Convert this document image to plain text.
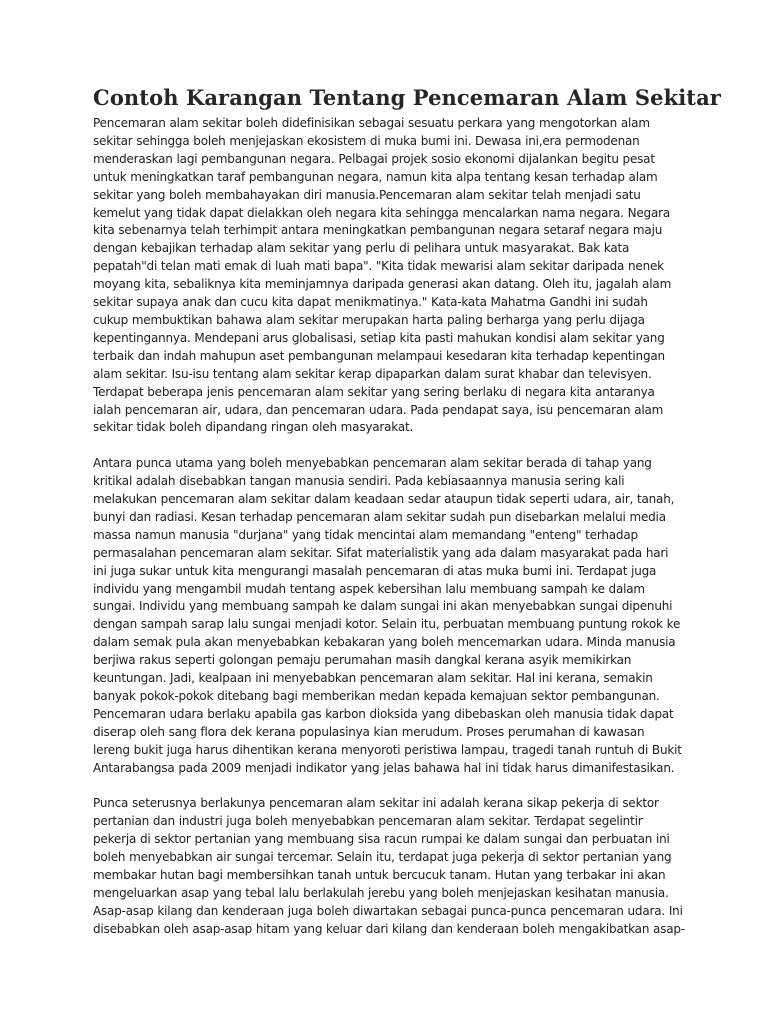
Contoh Karangan Tentang Pencemaran Alam Sekitar

Pencemaran alam sekitar boleh didefinisikan sebagai sesuatu perkara yang mengotorkan alam sekitar sehingga boleh menjejaskan ekosistem di muka bumi ini. Dewasa ini,era permodenan menderaskan lagi pembangunan negara. Pelbagai projek sosio ekonomi dijalankan begitu pesat untuk meningkatkan taraf pembangunan negara, namun kita alpa tentang kesan terhadap alam sekitar yang boleh membahayakan diri manusia.Pencemaran alam sekitar telah menjadi satu kemelut yang tidak dapat dielakkan oleh negara kita sehingga mencalarkan nama negara. Negara kita sebenarnya telah terhimpit antara meningkatkan pembangunan negara setaraf negara maju dengan kebajikan terhadap alam sekitar yang perlu di pelihara untuk masyarakat. Bak kata pepatah"di telan mati emak di luah mati bapa". "Kita tidak mewarisi alam sekitar daripada nenek moyang kita, sebaliknya kita meminjamnya daripada generasi akan datang. Oleh itu, jagalah alam sekitar supaya anak dan cucu kita dapat menikmatinya." Kata-kata Mahatma Gandhi ini sudah cukup membuktikan bahawa alam sekitar merupakan harta paling berharga yang perlu dijaga kepentingannya. Mendepani arus globalisasi, setiap kita pasti mahukan kondisi alam sekitar yang terbaik dan indah mahupun aset pembangunan melampaui kesedaran kita terhadap kepentingan alam sekitar. Isu-isu tentang alam sekitar kerap dipaparkan dalam surat khabar dan televisyen. Terdapat beberapa jenis pencemaran alam sekitar yang sering berlaku di negara kita antaranya ialah pencemaran air, udara, dan pencemaran udara. Pada pendapat saya, isu pencemaran alam sekitar tidak boleh dipandang ringan oleh masyarakat.

Antara punca utama yang boleh menyebabkan pencemaran alam sekitar berada di tahap yang kritikal adalah disebabkan tangan manusia sendiri. Pada kebiasaannya manusia sering kali melakukan pencemaran alam sekitar dalam keadaan sedar ataupun tidak seperti udara, air, tanah, bunyi dan radiasi. Kesan terhadap pencemaran alam sekitar sudah pun disebarkan melalui media massa namun manusia "durjana" yang tidak mencintai alam memandang "enteng" terhadap permasalahan pencemaran alam sekitar. Sifat materialistik yang ada dalam masyarakat pada hari ini juga sukar untuk kita mengurangi masalah pencemaran di atas muka bumi ini. Terdapat juga individu yang mengambil mudah tentang aspek kebersihan lalu membuang sampah ke dalam sungai. Individu yang membuang sampah ke dalam sungai ini akan menyebabkan sungai dipenuhi dengan sampah sarap lalu sungai menjadi kotor. Selain itu, perbuatan membuang puntung rokok ke dalam semak pula akan menyebabkan kebakaran yang boleh mencemarkan udara. Minda manusia berjiwa rakus seperti golongan pemaju perumahan masih dangkal kerana asyik memikirkan keuntungan. Jadi, kealpaan ini menyebabkan pencemaran alam sekitar. Hal ini kerana, semakin banyak pokok-pokok ditebang bagi memberikan medan kepada kemajuan sektor pembangunan. Pencemaran udara berlaku apabila gas karbon dioksida yang dibebaskan oleh manusia tidak dapat diserap oleh sang flora dek kerana populasinya kian merudum. Proses perumahan di kawasan lereng bukit juga harus dihentikan kerana menyoroti peristiwa lampau, tragedi tanah runtuh di Bukit Antarabangsa pada 2009 menjadi indikator yang jelas bahawa hal ini tidak harus dimanifestasikan.

Punca seterusnya berlakunya pencemaran alam sekitar ini adalah kerana sikap pekerja di sektor pertanian dan industri juga boleh menyebabkan pencemaran alam sekitar. Terdapat segelintir pekerja di sektor pertanian yang membuang sisa racun rumpai ke dalam sungai dan perbuatan ini boleh menyebabkan air sungai tercemar. Selain itu, terdapat juga pekerja di sektor pertanian yang membakar hutan bagi membersihkan tanah untuk bercucuk tanam. Hutan yang terbakar ini akan mengeluarkan asap yang tebal lalu berlakulah jerebu yang boleh menjejaskan kesihatan manusia. Asap-asap kilang dan kenderaan juga boleh diwartakan sebagai punca-punca pencemaran udara. Ini disebabkan oleh asap-asap hitam yang keluar dari kilang dan kenderaan boleh mengakibatkan asap-
